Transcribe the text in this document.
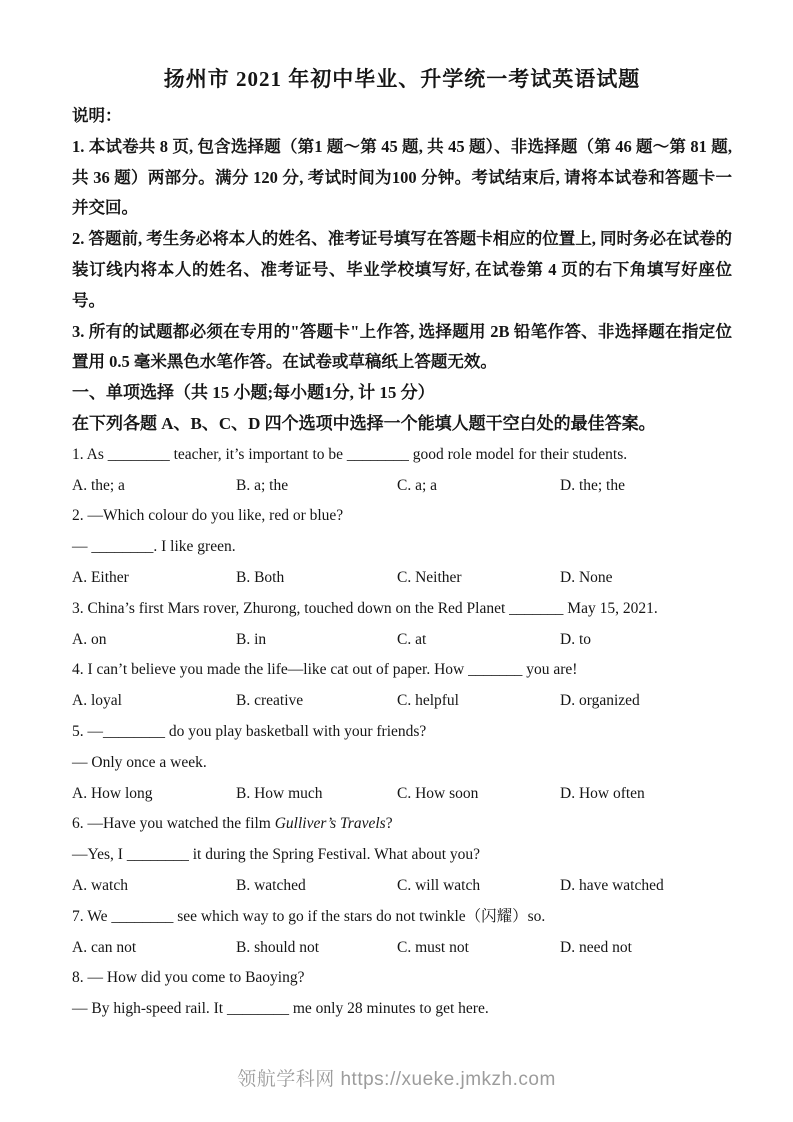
扬州市 2021 年初中毕业、升学统一考试英语试题
说明：

1. 本试卷共 8 页, 包含选择题（第1 题～第 45 题, 共 45 题）、非选择题（第 46 题～第 81 题, 共 36 题）两部分。满分 120 分, 考试时间为100 分钟。考试结束后, 请将本试卷和答题卡一并交回。

2. 答题前, 考生务必将本人的姓名、准考证号填写在答题卡相应的位置上, 同时务必在试卷的装订线内将本人的姓名、准考证号、毕业学校填写好, 在试卷第 4 页的右下角填写好座位号。

3. 所有的试题都必须在专用的"答题卡"上作答, 选择题用 2B 铅笔作答、非选择题在指定位置用 0.5 毫米黑色水笔作答。在试卷或草稿纸上答题无效。

一、单项选择（共 15 小题;每小题1分, 计 15 分）
在下列各题 A、B、C、D 四个选项中选择一个能填人题干空白处的最佳答案。
1. As ________ teacher, it’s important to be ________ good role model for their students.
A. the; a	B. a; the	C. a; a	D. the; the
2. —Which colour do you like, red or blue?
— ________. I like green.
A. Either	B. Both	C. Neither	D. None
3. China’s first Mars rover, Zhurong, touched down on the Red Planet _______ May 15, 2021.
A. on	B. in	C. at	D. to
4. I can’t believe you made the life—like cat out of paper. How _______ you are!
A. loyal	B. creative	C. helpful	D. organized
5. —________ do you play basketball with your friends?
— Only once a week.
A. How long	B. How much	C. How soon	D. How often
6. —Have you watched the film Gulliver’s Travels?
—Yes, I ________ it during the Spring Festival. What about you?
A. watch	B. watched	C. will watch	D. have watched
7. We ________ see which way to go if the stars do not twinkle（闪耀）so.
A. can not	B. should not	C. must not	D. need not
8. — How did you come to Baoying?
— By high-speed rail. It ________ me only 28 minutes to get here.
领航学科网 https://xueke.jmkzh.com
